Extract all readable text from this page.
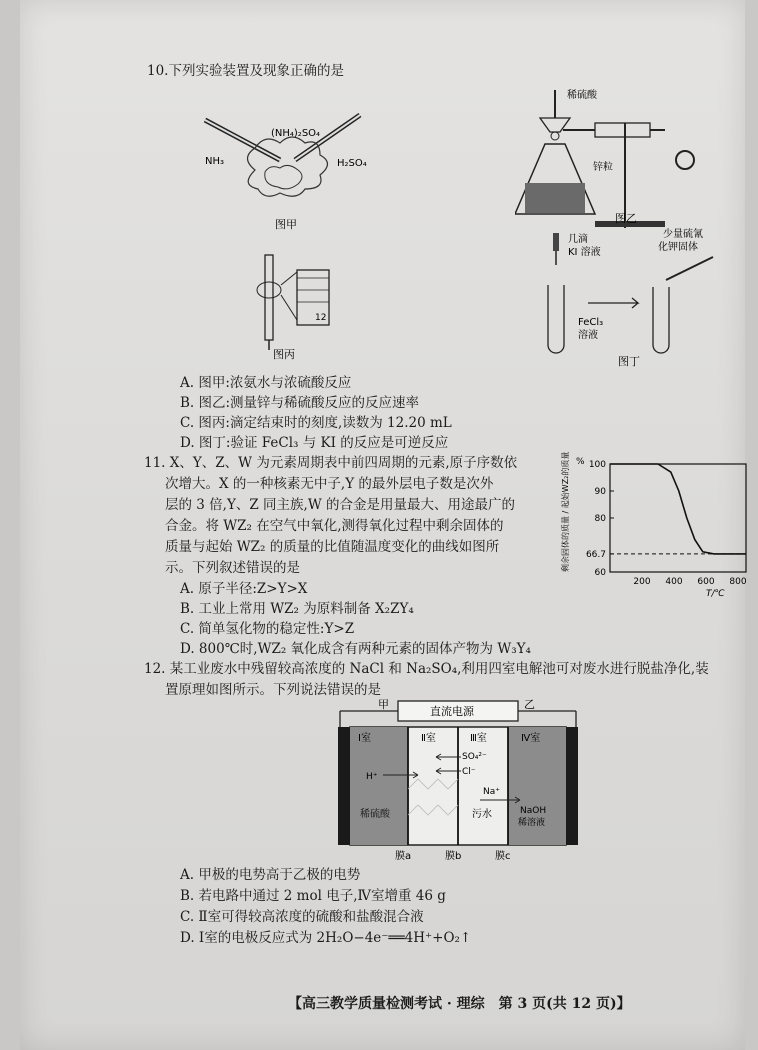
10.下列实验装置及现象正确的是
(NH₄)₂SO₄
NH₃	H₂SO₄
图甲
稀硫酸
锌粒
图乙
12
图丙
几滴
KI 溶液
FeCl₃
溶液
少量硫氰
化钾固体
图丁
A. 图甲:浓氨水与浓硫酸反应
B. 图乙:测量锌与稀硫酸反应的反应速率
C. 图丙:滴定结束时的刻度,读数为 12.20 mL
D. 图丁:验证 FeCl₃ 与 KI 的反应是可逆反应
11. X、Y、Z、W 为元素周期表中前四周期的元素,原子序数依
次增大。X 的一种核素无中子,Y 的最外层电子数是次外
层的 3 倍,Y、Z 同主族,W 的合金是用量最大、用途最广的
合金。将 WZ₂ 在空气中氧化,测得氧化过程中剩余固体的
质量与起始 WZ₂ 的质量的比值随温度变化的曲线如图所
示。下列叙述错误的是
A. 原子半径:Z>Y>X
B. 工业上常用 WZ₂ 为原料制备 X₂ZY₄
C. 简单氢化物的稳定性:Y>Z
D. 800℃时,WZ₂ 氧化成含有两种元素的固体产物为 W₃Y₄
60
66.7
80
90
100
200 400 600 800
%
剩余固体的质量 / 起始WZ₂的质量
T/℃
12. 某工业废水中残留较高浓度的 NaCl 和 Na₂SO₄,利用四室电解池可对废水进行脱盐净化,装
置原理如图所示。下列说法错误的是
直流电源
甲	乙
Ⅰ室	Ⅱ室	Ⅲ室	Ⅳ室
H⁺
SO₄²⁻
Cl⁻
Na⁺
稀硫酸	污水	NaOH
稀溶液
膜a	膜b	膜c
A. 甲极的电势高于乙极的电势
B. 若电路中通过 2 mol 电子,Ⅳ室增重 46 g
C. Ⅱ室可得较高浓度的硫酸和盐酸混合液
D. Ⅰ室的电极反应式为 2H₂O−4e⁻══4H⁺+O₂↑
【高三教学质量检测考试 · 理综　第 3 页(共 12 页)】
